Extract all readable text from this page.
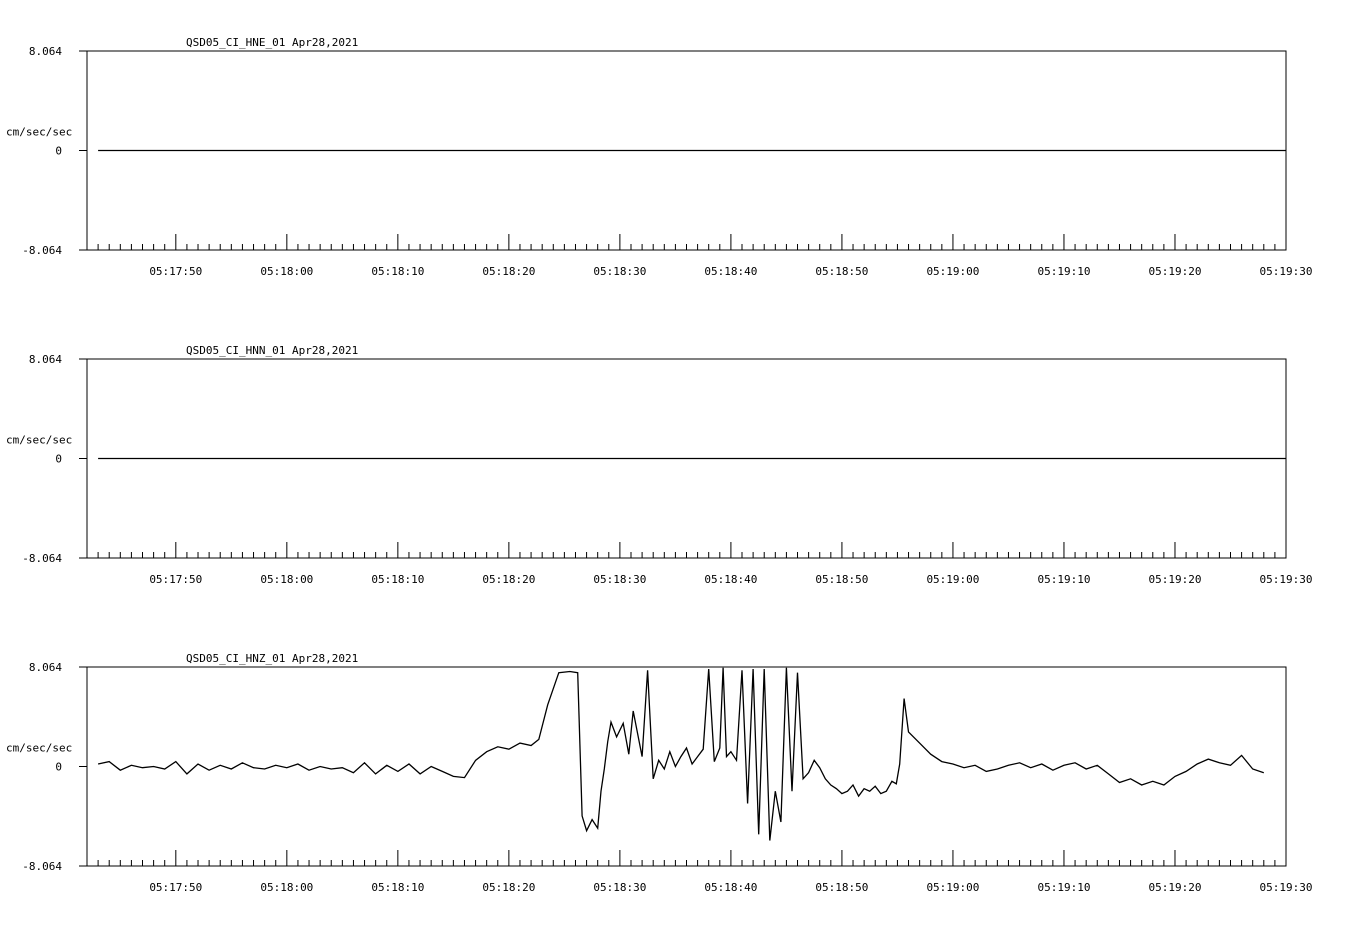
QSD05_CI_HNE_01 Apr28,2021
8.064
0
-8.064
cm/sec/sec
05:17:50	05:18:00	05:18:10	05:18:20	05:18:30	05:18:40	05:18:50	05:19:00	05:19:10	05:19:20	05:19:30
QSD05_CI_HNN_01 Apr28,2021
8.064
0
-8.064
cm/sec/sec
05:17:50	05:18:00	05:18:10	05:18:20	05:18:30	05:18:40	05:18:50	05:19:00	05:19:10	05:19:20	05:19:30
QSD05_CI_HNZ_01 Apr28,2021
8.064
0
-8.064
cm/sec/sec
05:17:50	05:18:00	05:18:10	05:18:20	05:18:30	05:18:40	05:18:50	05:19:00	05:19:10	05:19:20	05:19:30
